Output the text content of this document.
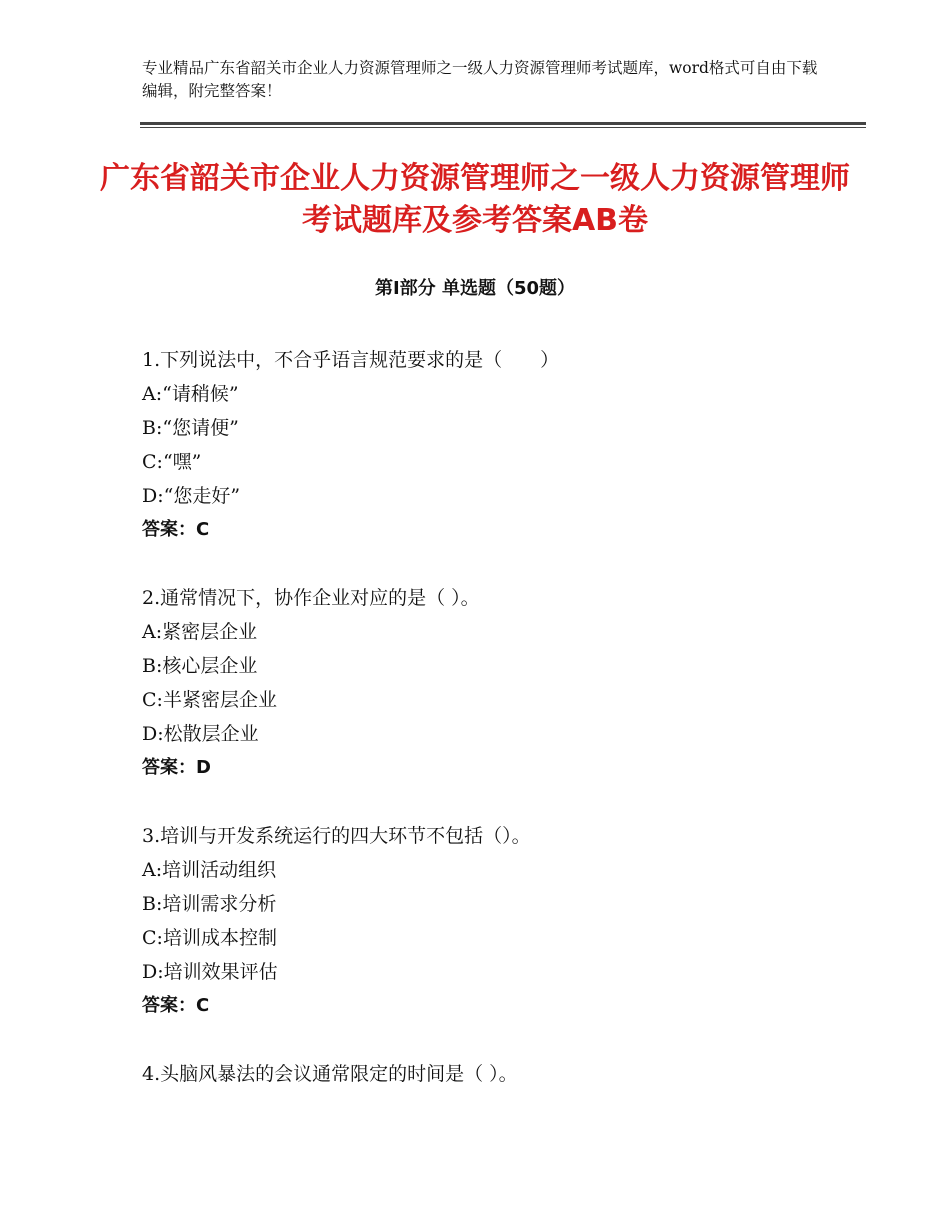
专业精品广东省韶关市企业人力资源管理师之一级人力资源管理师考试题库，word格式可自由下载编辑，附完整答案！
广东省韶关市企业人力资源管理师之一级人力资源管理师考试题库及参考答案AB卷
第Ⅰ部分 单选题（50题）
1.下列说法中，不合乎语言规范要求的是（　　）
A:“请稍候”
B:“您请便”
C:“嘿”
D:“您走好”
答案：C
2.通常情况下，协作企业对应的是（ ）。
A:紧密层企业
B:核心层企业
C:半紧密层企业
D:松散层企业
答案：D
3.培训与开发系统运行的四大环节不包括（）。
A:培训活动组织
B:培训需求分析
C:培训成本控制
D:培训效果评估
答案：C
4.头脑风暴法的会议通常限定的时间是（ ）。
